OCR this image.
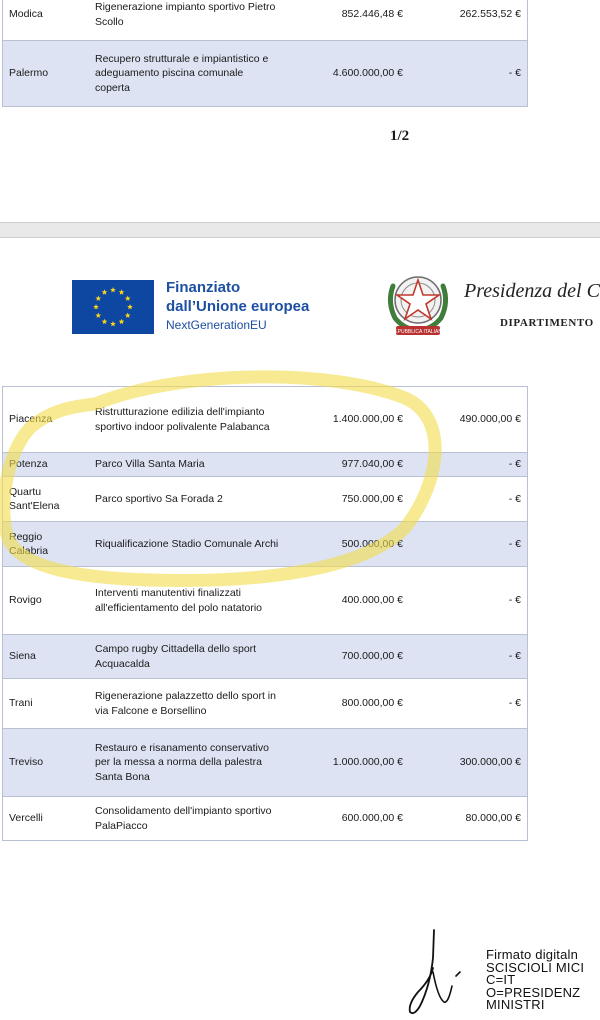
Modica	Rigenerazione impianto sportivo Pietro Scollo	852.446,48 €	262.553,52 €
Palermo	Recupero strutturale e impiantistico e adeguamento piscina comunale coperta	4.600.000,00 €	- €
1/2
Finanziato
dall’Unione europea
NextGenerationEU	REPUBBLICA ITALIANA
Presidenza del C
DIPARTIMENTO
Piacenza	Ristrutturazione edilizia dell'impianto sportivo indoor polivalente Palabanca	1.400.000,00 €	490.000,00 €
Potenza	Parco Villa Santa Maria	977.040,00 €	- €
Quartu Sant'Elena	Parco sportivo Sa Forada 2	750.000,00 €	- €
Reggio Calabria	Riqualificazione Stadio Comunale Archi	500.000,00 €	- €
Rovigo	Interventi manutentivi finalizzati all'efficientamento del polo natatorio	400.000,00 €	- €
Siena	Campo rugby Cittadella dello sport Acquacalda	700.000,00 €	- €
Trani	Rigenerazione palazzetto dello sport in via Falcone e Borsellino	800.000,00 €	- €
Treviso	Restauro e risanamento conservativo per la messa a norma della palestra Santa Bona	1.000.000,00 €	300.000,00 €
Vercelli	Consolidamento dell'impianto sportivo PalaPiacco	600.000,00 €	80.000,00 €
Firmato digitaln
SCISCIOLI MICI
C=IT
O=PRESIDENZ
MINISTRI
